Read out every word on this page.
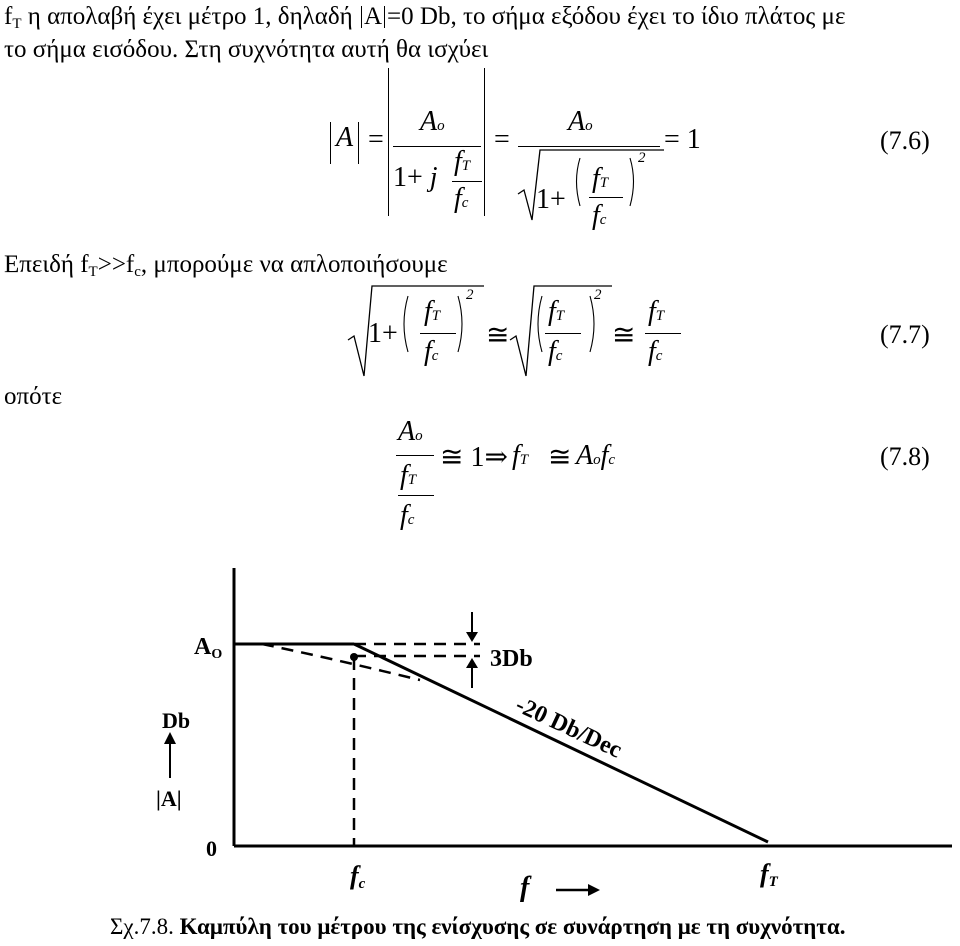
$f_T$ η απολαβή έχει μέτρο 1, δηλαδή A =0 Db, το σήμα εξόδου έχει το ίδιο πλάτος με
το σήμα εισόδου. Στη συχνότητα αυτή θα ισχύει
A =
Ao
1+ j
fT
fc
=
Ao
1+
fT
fc
2
= 1	(7.6)
Επειδή $f_T>>f_c$, μπορούμε να απλοποιήσουμε
1+
fT
fc
2
≅
fT
fc
2
≅
fT
fc
(7.7)
οπότε
Ao
fT
fc
≅ 1⇒ fT ≅ Aofc	(7.8)
AO
Db
|A|
0
3Db
-20 Db/Dec
fc	fT
f
Σχ.7.8. Καμπύλη του μέτρου της ενίσχυσης σε συνάρτηση με τη συχνότητα.
